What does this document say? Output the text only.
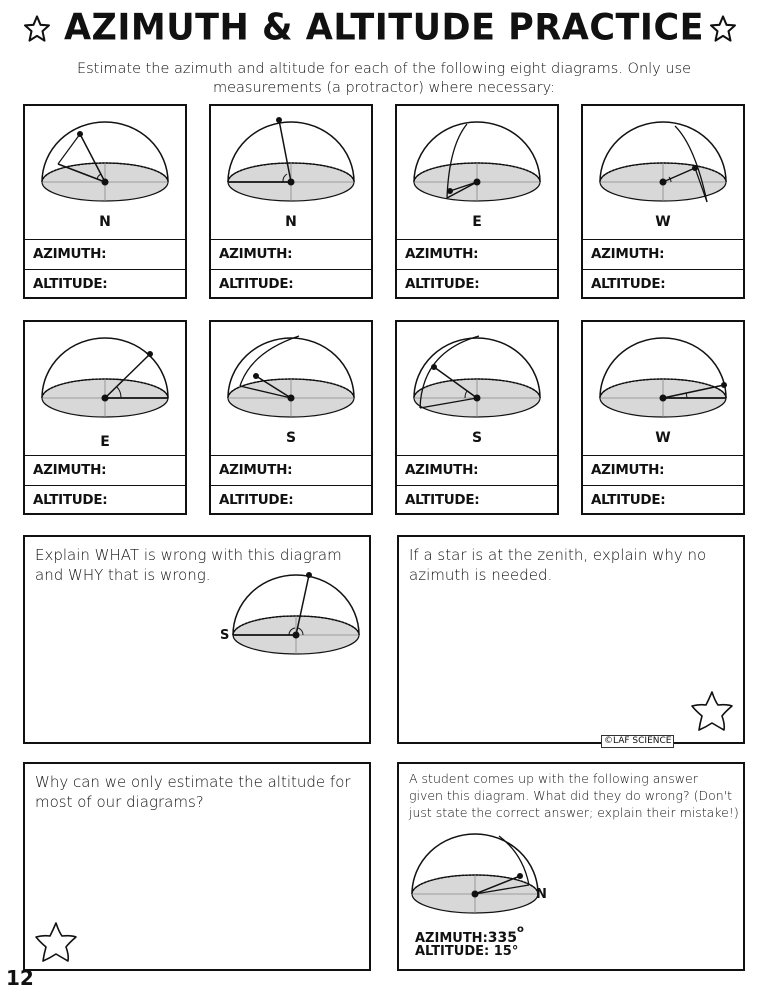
AZIMUTH & ALTITUDE PRACTICE
Estimate the azimuth and altitude for each of the following eight diagrams. Only use measurements (a protractor) where necessary:
N
AZIMUTH:
ALTITUDE:
N
AZIMUTH:
ALTITUDE:
E
AZIMUTH:
ALTITUDE:
W
AZIMUTH:
ALTITUDE:
E
AZIMUTH:
ALTITUDE:
S
AZIMUTH:
ALTITUDE:
S
AZIMUTH:
ALTITUDE:
W
AZIMUTH:
ALTITUDE:
Explain WHAT is wrong with this diagram
and WHY that is wrong.
S
If a star is at the zenith, explain why no
azimuth is needed.
©LAF SCIENCE
Why can we only estimate the altitude for
most of our diagrams?
A student comes up with the following answer
given this diagram. What did they do wrong? (Don't
just state the correct answer; explain their mistake!)
N
AZIMUTH:335$^o$
ALTITUDE: 15°
12
